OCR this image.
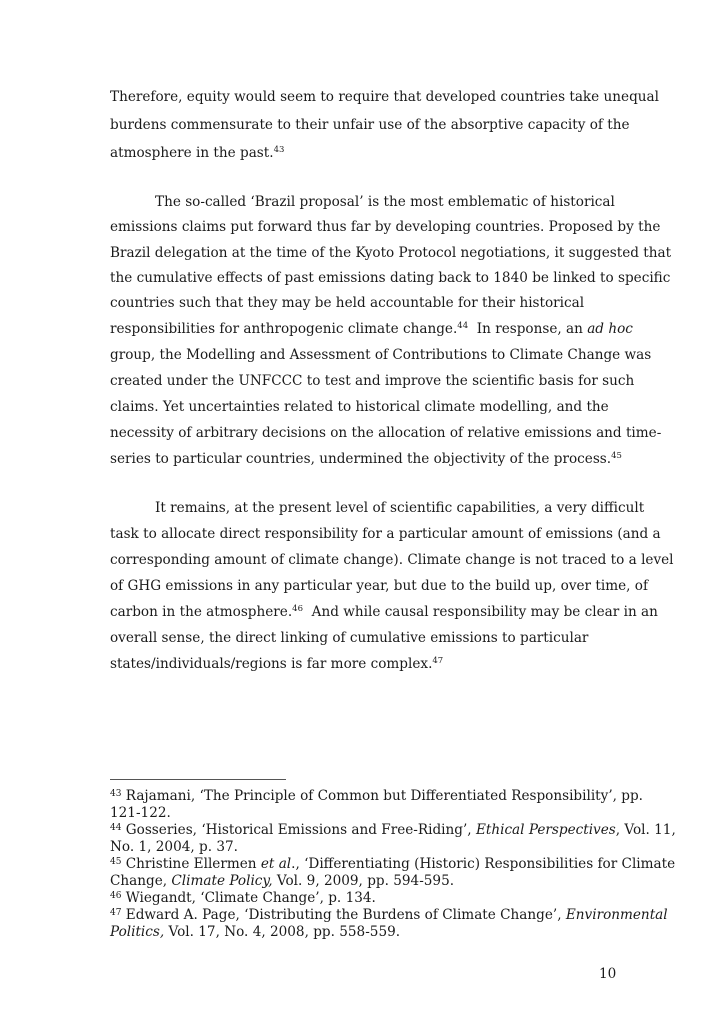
Therefore, equity would seem to require that developed countries take unequal
burdens commensurate to their unfair use of the absorptive capacity of the
atmosphere in the past.$^{43}$
The so-called ‘Brazil proposal’ is the most emblematic of historical
emissions claims put forward thus far by developing countries. Proposed by the
Brazil delegation at the time of the Kyoto Protocol negotiations, it suggested that
the cumulative effects of past emissions dating back to 1840 be linked to specific
countries such that they may be held accountable for their historical
responsibilities for anthropogenic climate change.$^{44}$  In response, an ad hoc
group, the Modelling and Assessment of Contributions to Climate Change was
created under the UNFCCC to test and improve the scientific basis for such
claims. Yet uncertainties related to historical climate modelling, and the
necessity of arbitrary decisions on the allocation of relative emissions and time-
series to particular countries, undermined the objectivity of the process.$^{45}$
It remains, at the present level of scientific capabilities, a very difficult
task to allocate direct responsibility for a particular amount of emissions (and a
corresponding amount of climate change). Climate change is not traced to a level
of GHG emissions in any particular year, but due to the build up, over time, of
carbon in the atmosphere.$^{46}$  And while causal responsibility may be clear in an
overall sense, the direct linking of cumulative emissions to particular
states/individuals/regions is far more complex.$^{47}$
$^{43}$ Rajamani, ‘The Principle of Common but Differentiated Responsibility’, pp.
121-122.
$^{44}$ Gosseries, ‘Historical Emissions and Free-Riding’, Ethical Perspectives, Vol. 11,
No. 1, 2004, p. 37.
$^{45}$ Christine Ellermen et al., ‘Differentiating (Historic) Responsibilities for Climate
Change, Climate Policy, Vol. 9, 2009, pp. 594-595.
$^{46}$ Wiegandt, ‘Climate Change’, p. 134.
$^{47}$ Edward A. Page, ‘Distributing the Burdens of Climate Change’, Environmental
Politics, Vol. 17, No. 4, 2008, pp. 558-559.
10
